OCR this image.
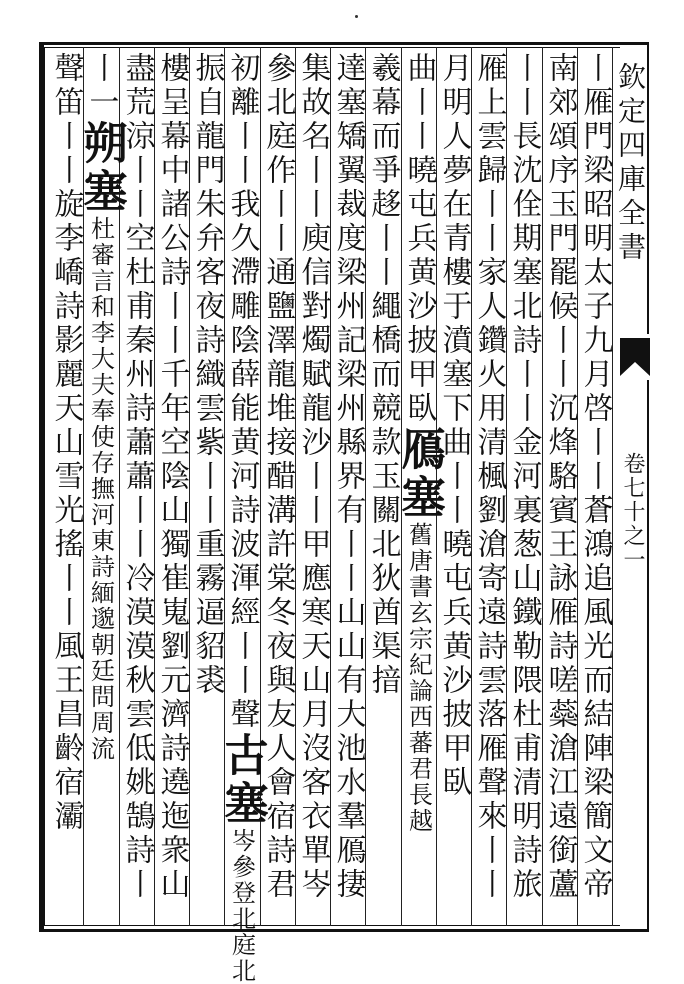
欽定四庫全書
卷七十之一
丨雁門梁昭明太子九月啓丨丨蒼鴻追風光而結陣梁簡文帝
南郊頌序玉門罷候丨丨沉烽駱賓王詠雁詩嗟蘂滄江遠銜蘆
丨丨長沈佺期塞北詩丨丨金河裏葱山鐵勒隈杜甫清明詩旅
雁上雲歸丨丨家人鑽火用清楓劉滄寄遠詩雲落雁聲來丨丨
月明人夢在青樓于濆塞下
曲丨丨曉屯兵黄沙披甲臥
曲丨丨曉屯兵黄沙披甲臥
鴈塞
舊唐書玄宗紀論西蕃君長越
羲幕而爭趍丨丨繩橋而競款玉關北狄酋渠揞
達塞矯翼裁度梁州記梁州縣界有丨丨山山有大池水羣鴈捿
集故名丨丨庾信對燭賦龍沙丨丨甲應寒天山月沒客衣單岑
參北庭作丨丨通鹽澤龍堆接醋溝許棠冬夜與友人會宿詩君
初離丨丨我久滯雕陰薛能黄河詩波渾經丨丨聲
古塞
岑參登北庭北
振自龍門朱弁客夜詩織雲紫丨丨重霧逼貂裘
樓呈幕中諸公詩丨丨千年空陰山獨崔嵬劉元濟詩遶迤衆山
盡荒涼丨丨空杜甫秦州詩蕭蕭丨丨冷漠漠秋雲低姚鵠詩丨
丨一
朔塞
杜審言和李大夫奉使存撫河東詩緬邈朝廷問周流
聲笛丨丨旋李嶠詩影麗天山雪光搖丨丨風王昌齡宿灞
